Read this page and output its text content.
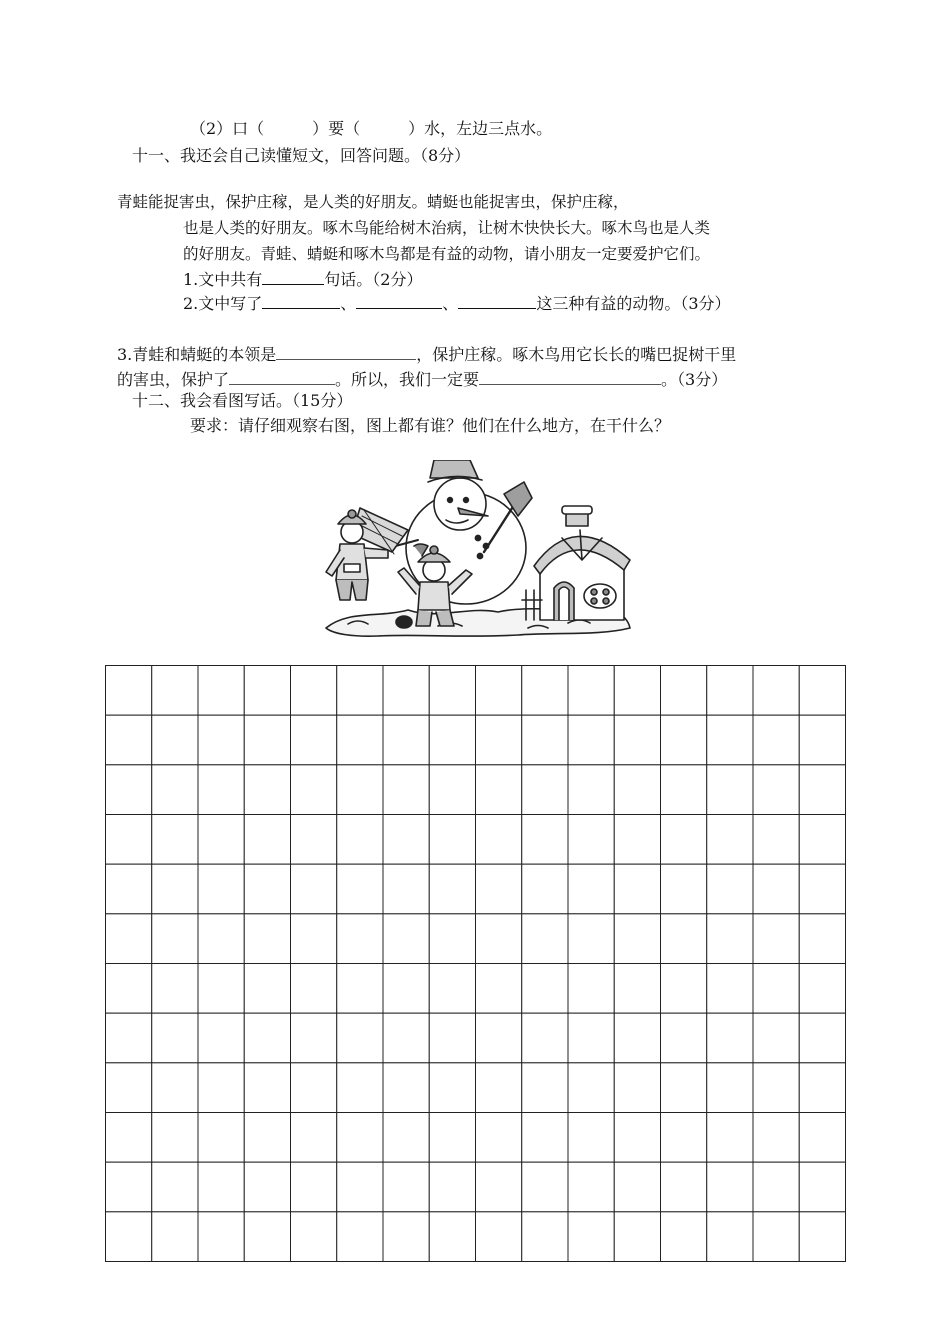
（2）口（　　　）要（　　　）水，左边三点水。
十一、我还会自己读懂短文，回答问题。（8分）
青蛙能捉害虫，保护庄稼，是人类的好朋友。蜻蜓也能捉害虫，保护庄稼，
也是人类的好朋友。啄木鸟能给树木治病，让树木快快长大。啄木鸟也是人类
的好朋友。青蛙、蜻蜓和啄木鸟都是有益的动物，请小朋友一定要爱护它们。
1.文中共有	句话。（2分）
2.文中写了	、	、	这三种有益的动物。（3分）
3.青蛙和蜻蜓的本领是	，保护庄稼。啄木鸟用它长长的嘴巴捉树干里
的害虫，保护了	。所以，我们一定要	。（3分）
十二、我会看图写话。（15分）
要求：请仔细观察右图，图上都有谁？他们在什么地方，在干什么？
